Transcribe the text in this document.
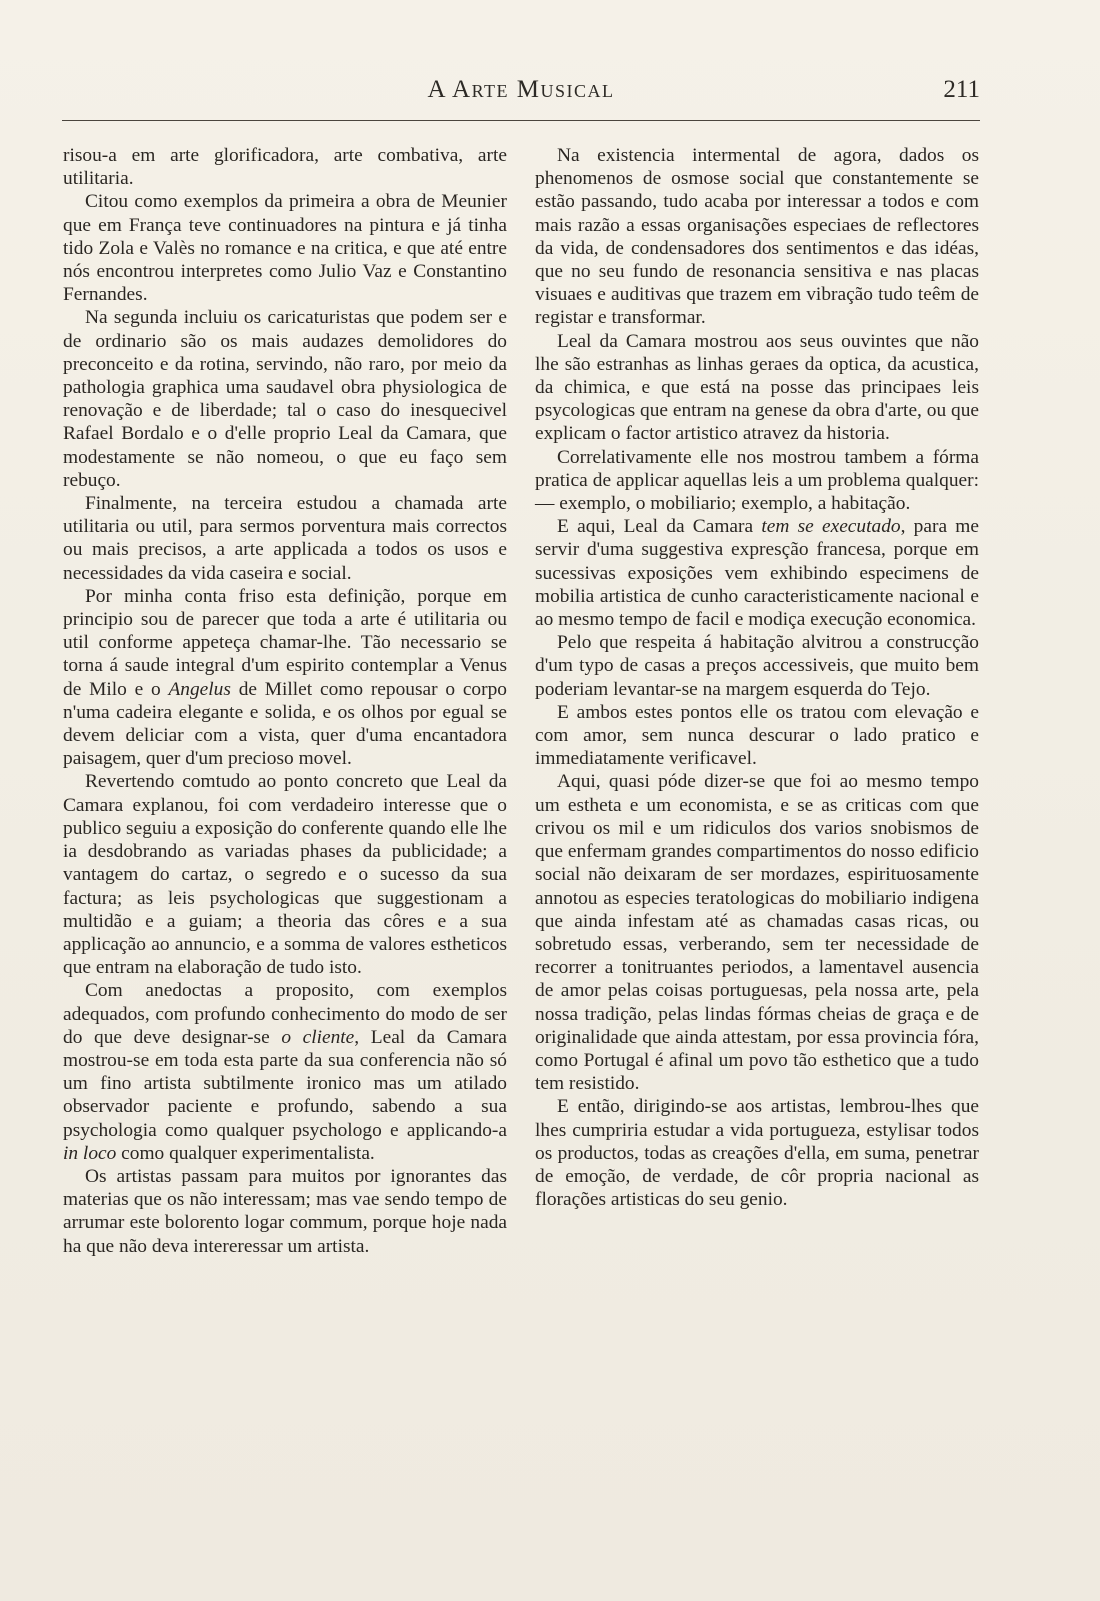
A Arte Musical	211

risou-a em arte glorificadora, arte combativa, arte utilitaria.

Citou como exemplos da primeira a obra de Meunier que em França teve continuadores na pintura e já tinha tido Zola e Valès no romance e na critica, e que até entre nós encontrou interpretes como Julio Vaz e Constantino Fernandes.

Na segunda incluiu os caricaturistas que podem ser e de ordinario são os mais audazes demolidores do preconceito e da rotina, servindo, não raro, por meio da pathologia graphica uma saudavel obra physiologica de renovação e de liberdade; tal o caso do inesquecivel Rafael Bordalo e o d'elle proprio Leal da Camara, que modestamente se não nomeou, o que eu faço sem rebuço.

Finalmente, na terceira estudou a chamada arte utilitaria ou util, para sermos porventura mais correctos ou mais precisos, a arte applicada a todos os usos e necessidades da vida caseira e social.

Por minha conta friso esta definição, porque em principio sou de parecer que toda a arte é utilitaria ou util conforme appeteça chamar-lhe. Tão necessario se torna á saude integral d'um espirito contemplar a Venus de Milo e o Angelus de Millet como repousar o corpo n'uma cadeira elegante e solida, e os olhos por egual se devem deliciar com a vista, quer d'uma encantadora paisagem, quer d'um precioso movel.

Revertendo comtudo ao ponto concreto que Leal da Camara explanou, foi com verdadeiro interesse que o publico seguiu a exposição do conferente quando elle lhe ia desdobrando as variadas phases da publicidade; a vantagem do cartaz, o segredo e o sucesso da sua factura; as leis psychologicas que suggestionam a multidão e a guiam; a theoria das côres e a sua applicação ao annuncio, e a somma de valores estheticos que entram na elaboração de tudo isto.

Com anedoctas a proposito, com exemplos adequados, com profundo conhecimento do modo de ser do que deve designar-se o cliente, Leal da Camara mostrou-se em toda esta parte da sua conferencia não só um fino artista subtilmente ironico mas um atilado observador paciente e profundo, sabendo a sua psychologia como qualquer psychologo e applicando-a in loco como qualquer experimentalista.

Os artistas passam para muitos por ignorantes das materias que os não interessam; mas vae sendo tempo de arrumar este bolorento logar commum, porque hoje nada ha que não deva intereressar um artista.

Na existencia intermental de agora, dados os phenomenos de osmose social que constantemente se estão passando, tudo acaba por interessar a todos e com mais razão a essas organisações especiaes de reflectores da vida, de condensadores dos sentimentos e das idéas, que no seu fundo de resonancia sensitiva e nas placas visuaes e auditivas que trazem em vibração tudo teêm de registar e transformar.

Leal da Camara mostrou aos seus ouvintes que não lhe são estranhas as linhas geraes da optica, da acustica, da chimica, e que está na posse das principaes leis psycologicas que entram na genese da obra d'arte, ou que explicam o factor artistico atravez da historia.

Correlativamente elle nos mostrou tambem a fórma pratica de applicar aquellas leis a um problema qualquer: — exemplo, o mobiliario; exemplo, a habitação.

E aqui, Leal da Camara tem se executado, para me servir d'uma suggestiva expresção francesa, porque em sucessivas exposições vem exhibindo especimens de mobilia artistica de cunho caracteristicamente nacional e ao mesmo tempo de facil e modiça execução economica.

Pelo que respeita á habitação alvitrou a construcção d'um typo de casas a preços accessiveis, que muito bem poderiam levantar-se na margem esquerda do Tejo.

E ambos estes pontos elle os tratou com elevação e com amor, sem nunca descurar o lado pratico e immediatamente verificavel.

Aqui, quasi póde dizer-se que foi ao mesmo tempo um estheta e um economista, e se as criticas com que crivou os mil e um ridiculos dos varios snobismos de que enfermam grandes compartimentos do nosso edificio social não deixaram de ser mordazes, espirituosamente annotou as especies teratologicas do mobiliario indigena que ainda infestam até as chamadas casas ricas, ou sobretudo essas, verberando, sem ter necessidade de recorrer a tonitruantes periodos, a lamentavel ausencia de amor pelas coisas portuguesas, pela nossa arte, pela nossa tradição, pelas lindas fórmas cheias de graça e de originalidade que ainda attestam, por essa provincia fóra, como Portugal é afinal um povo tão esthetico que a tudo tem resistido.

E então, dirigindo-se aos artistas, lembrou-lhes que lhes cumpriria estudar a vida portugueza, estylisar todos os productos, todas as creações d'ella, em suma, penetrar de emoção, de verdade, de côr propria nacional as florações artisticas do seu genio.
